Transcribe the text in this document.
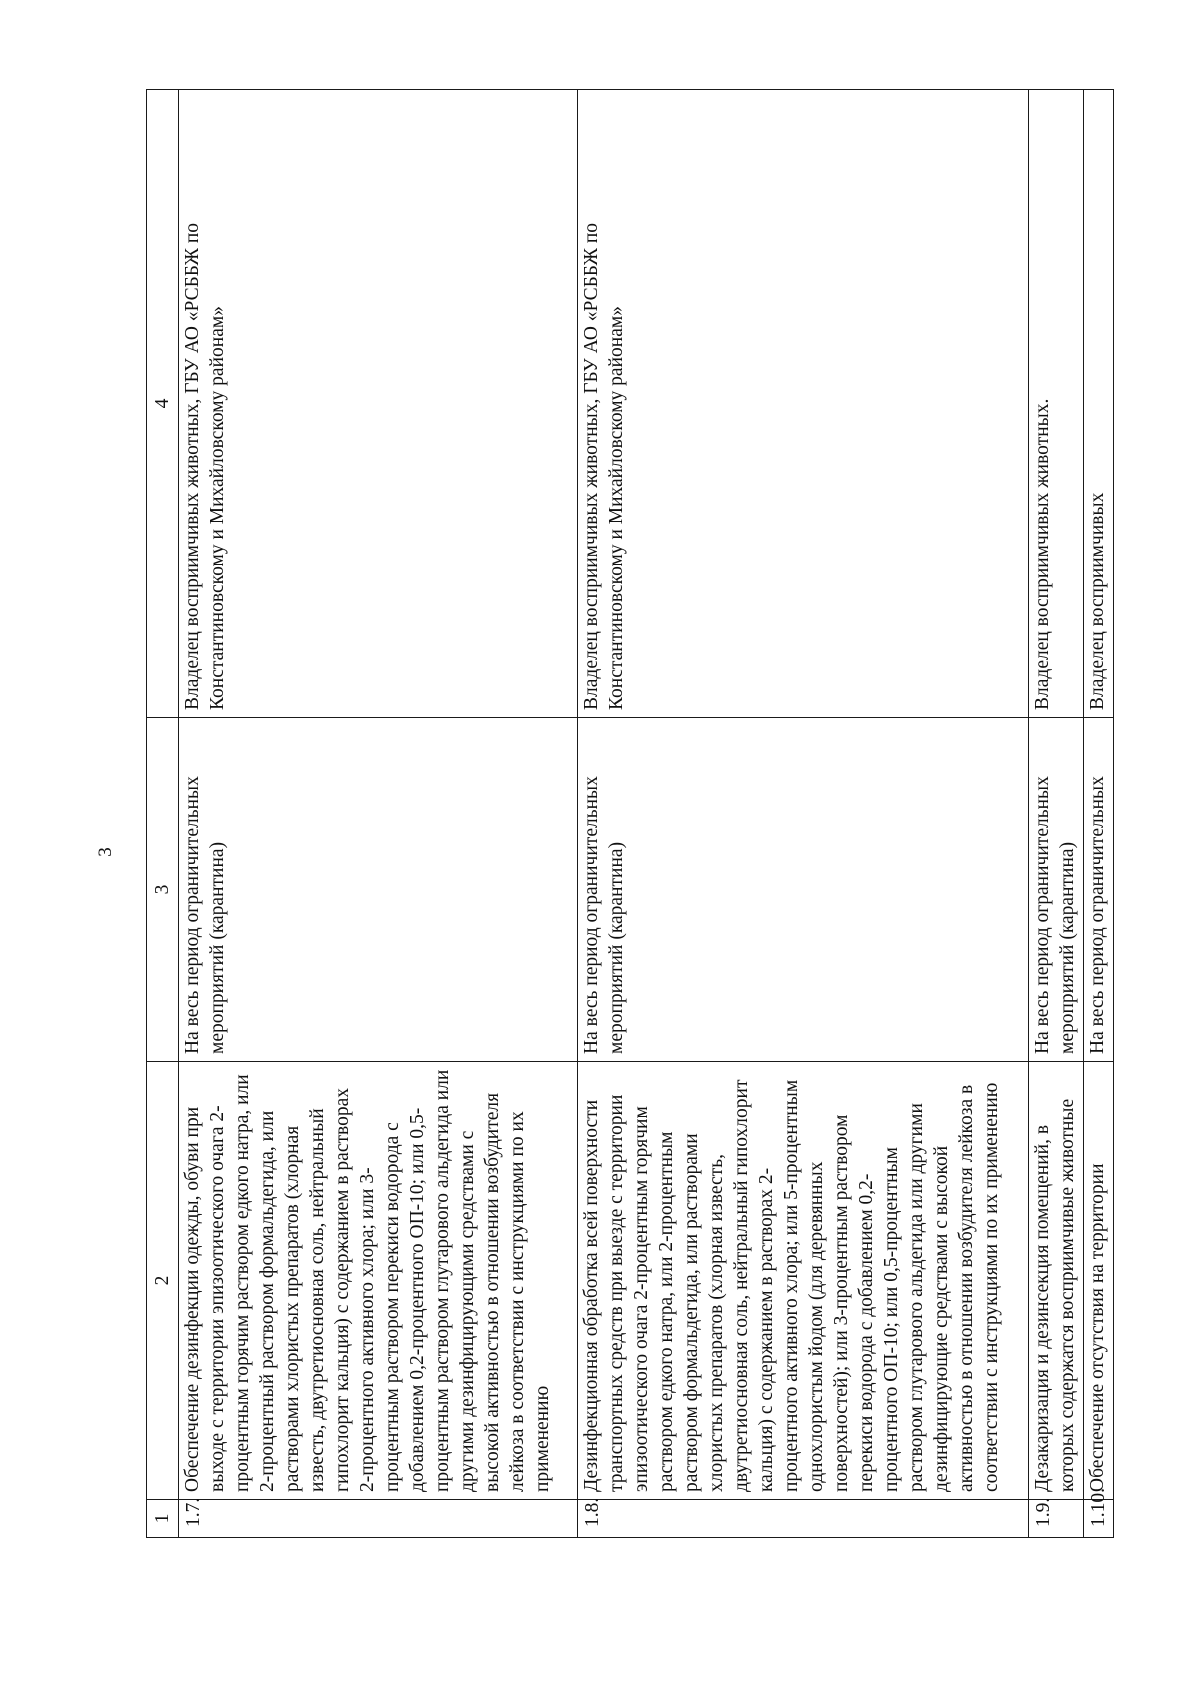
3
1	2	3	4
1.7.	Обеспечение дезинфекции одежды, обуви при выходе с территории эпизоотического очага 2-процентным горячим раствором едкого натра, или 2-процентный раствором формальдегида, или растворами хлористых препаратов (хлорная известь, двутретиосновная соль, нейтральный гипохлорит кальция) с содержанием в растворах 2-процентного активного хлора; или 3-процентным раствором перекиси водорода с добавлением 0,2-процентного ОП-10; или 0,5-процентным раствором глутарового альдегида или другими дезинфицирующими средствами с высокой активностью в отношении возбудителя лейкоза в соответствии с инструкциями по их применению	На весь период ограничительных мероприятий (карантина)	Владелец восприимчивых животных, ГБУ АО «РСББЖ по Константиновскому и Михайловскому районам»
1.8.	Дезинфекционная обработка всей поверхности транспортных средств при выезде с территории эпизоотического очага 2-процентным горячим раствором едкого натра, или 2-процентным раствором формальдегида, или растворами хлористых препаратов (хлорная известь, двутретиосновная соль, нейтральный гипохлорит кальция) с содержанием в растворах 2-процентного активного хлора; или 5-процентным однохлористым йодом (для деревянных поверхностей); или 3-процентным раствором перекиси водорода с добавлением 0,2-процентного ОП-10; или 0,5-процентным раствором глутарового альдегида или другими дезинфицирующие средствами с высокой активностью в отношении возбудителя лейкоза в соответствии с инструкциями по их применению	На весь период ограничительных мероприятий (карантина)	Владелец восприимчивых животных, ГБУ АО «РСББЖ по Константиновскому и Михайловскому районам»
1.9.	Дезакаризация и дезинсекция помещений, в которых содержатся восприимчивые животные	На весь период ограничительных мероприятий (карантина)	Владелец восприимчивых животных.
1.10.	Обеспечение отсутствия на территории	На весь период ограничительных	Владелец восприимчивых
